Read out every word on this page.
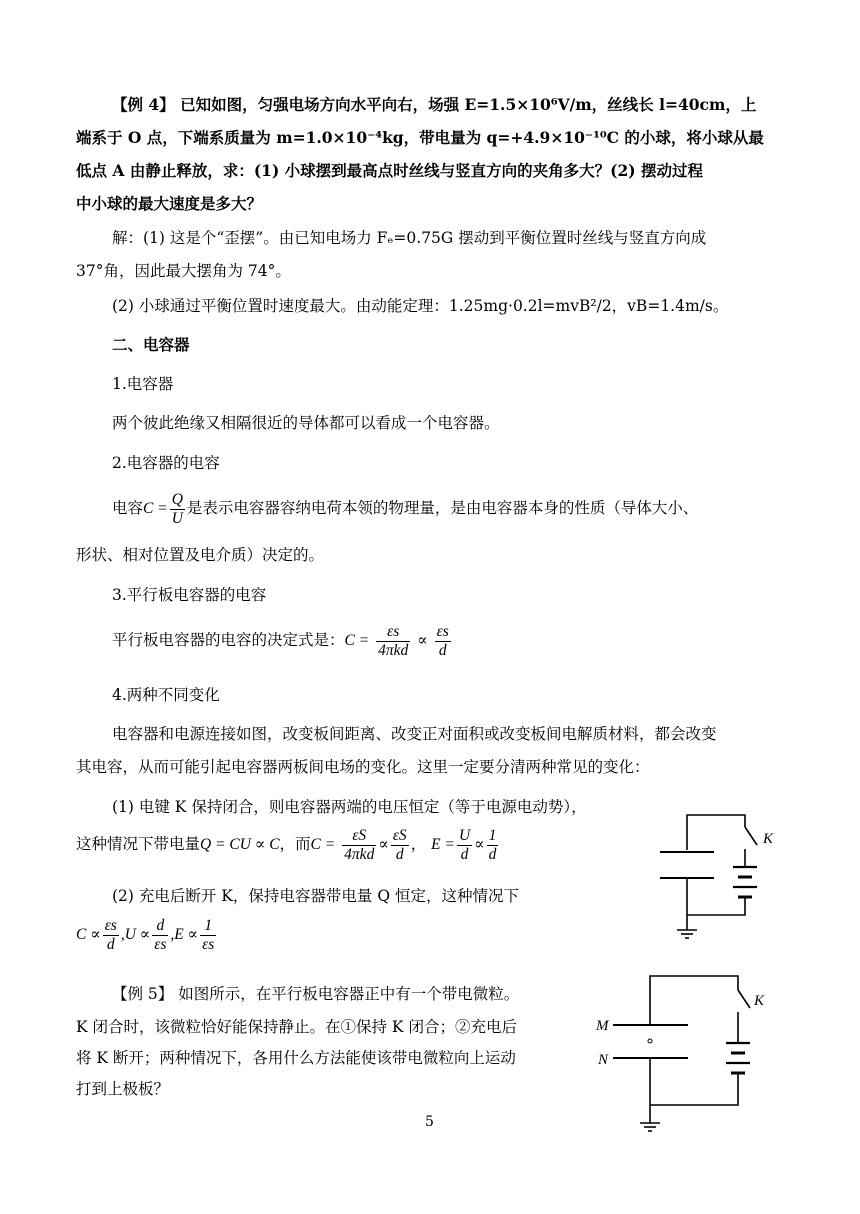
【例 4】 已知如图，匀强电场方向水平向右，场强 E=1.5×10⁶V/m，丝线长 l=40cm，上
端系于 O 点，下端系质量为 m=1.0×10⁻⁴kg，带电量为 q=+4.9×10⁻¹⁰C 的小球，将小球从最
低点 A 由静止释放，求：(1) 小球摆到最高点时丝线与竖直方向的夹角多大？(2) 摆动过程
中小球的最大速度是多大？
解：(1) 这是个“歪摆”。由已知电场力 Fₑ=0.75G 摆动到平衡位置时丝线与竖直方向成
37°角，因此最大摆角为 74°。
(2) 小球通过平衡位置时速度最大。由动能定理：1.25mg·0.2l=mvB²/2，vB=1.4m/s。
二、电容器
1.电容器
两个彼此绝缘又相隔很近的导体都可以看成一个电容器。
2.电容器的电容
电容$C = \frac{Q}{U}$ 是表示电容器容纳电荷本领的物理量，是由电容器本身的性质（导体大小、
形状、相对位置及电介质）决定的。
3.平行板电容器的电容
平行板电容器的电容的决定式是：$C = \frac{\varepsilon s}{\text{4πkd}} \propto \frac{\varepsilon s}{d}$
4.两种不同变化
电容器和电源连接如图，改变板间距离、改变正对面积或改变板间电解质材料，都会改变
其电容，从而可能引起电容器两板间电场的变化。这里一定要分清两种常见的变化：
(1) 电键 K 保持闭合，则电容器两端的电压恒定（等于电源电动势），
这种情况下带电量Q = CU ∝ C，而$C = \frac{\varepsilon S}{\text{4πkd}} \propto \frac{\varepsilon S}{d}$ ， $E = \frac{U}{d} \propto \frac{1}{d}$
(2) 充电后断开 K，保持电容器带电量 Q 恒定，这种情况下
$C \propto \frac{\varepsilon s}{d} ,U \propto \frac{d}{\varepsilon s} ,E \propto \frac{1}{\varepsilon s}$
【例 5】 如图所示，在平行板电容器正中有一个带电微粒。
K 闭合时，该微粒恰好能保持静止。在①保持 K 闭合；②充电后
将 K 断开；两种情况下，各用什么方法能使该带电微粒向上运动
打到上极板？
5
K
K
M
N
